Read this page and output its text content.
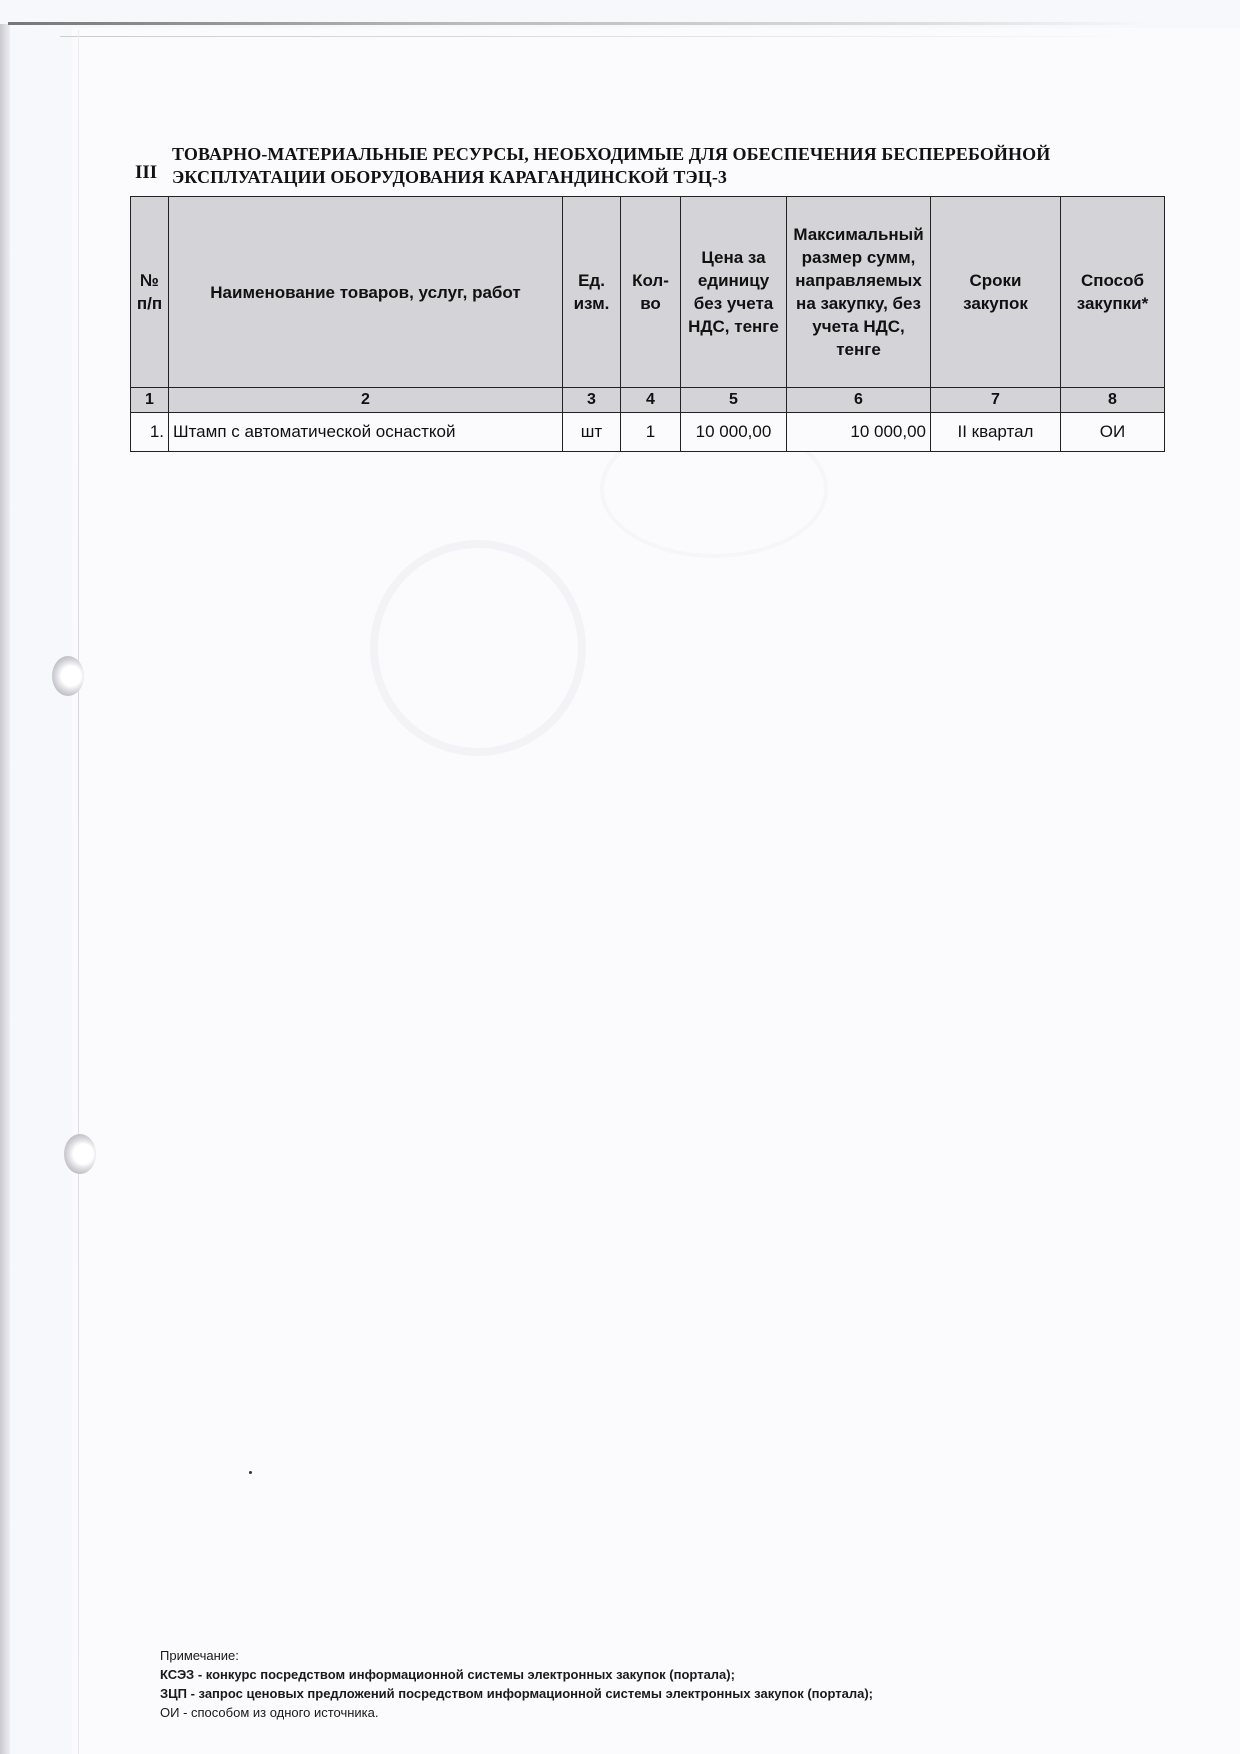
III
ТОВАРНО-МАТЕРИАЛЬНЫЕ РЕСУРСЫ, НЕОБХОДИМЫЕ ДЛЯ ОБЕСПЕЧЕНИЯ БЕСПЕРЕБОЙНОЙ
ЭКСПЛУАТАЦИИ ОБОРУДОВАНИЯ КАРАГАНДИНСКОЙ ТЭЦ-3
№ п/п	Наименование товаров, услуг, работ	Ед. изм.	Кол-во	Цена за единицу без учета НДС, тенге	Максимальный размер сумм, направляемых на закупку, без учета НДС, тенге	Сроки закупок	Способ закупки*
1	2	3	4	5	6	7	8
1.	Штамп с автоматической оснасткой	шт	1	10 000,00	10 000,00	II квартал	ОИ
Примечание:
КСЭЗ - конкурс посредством информационной системы электронных закупок (портала);
ЗЦП - запрос ценовых предложений посредством информационной системы электронных закупок (портала);
ОИ - способом из одного источника.
